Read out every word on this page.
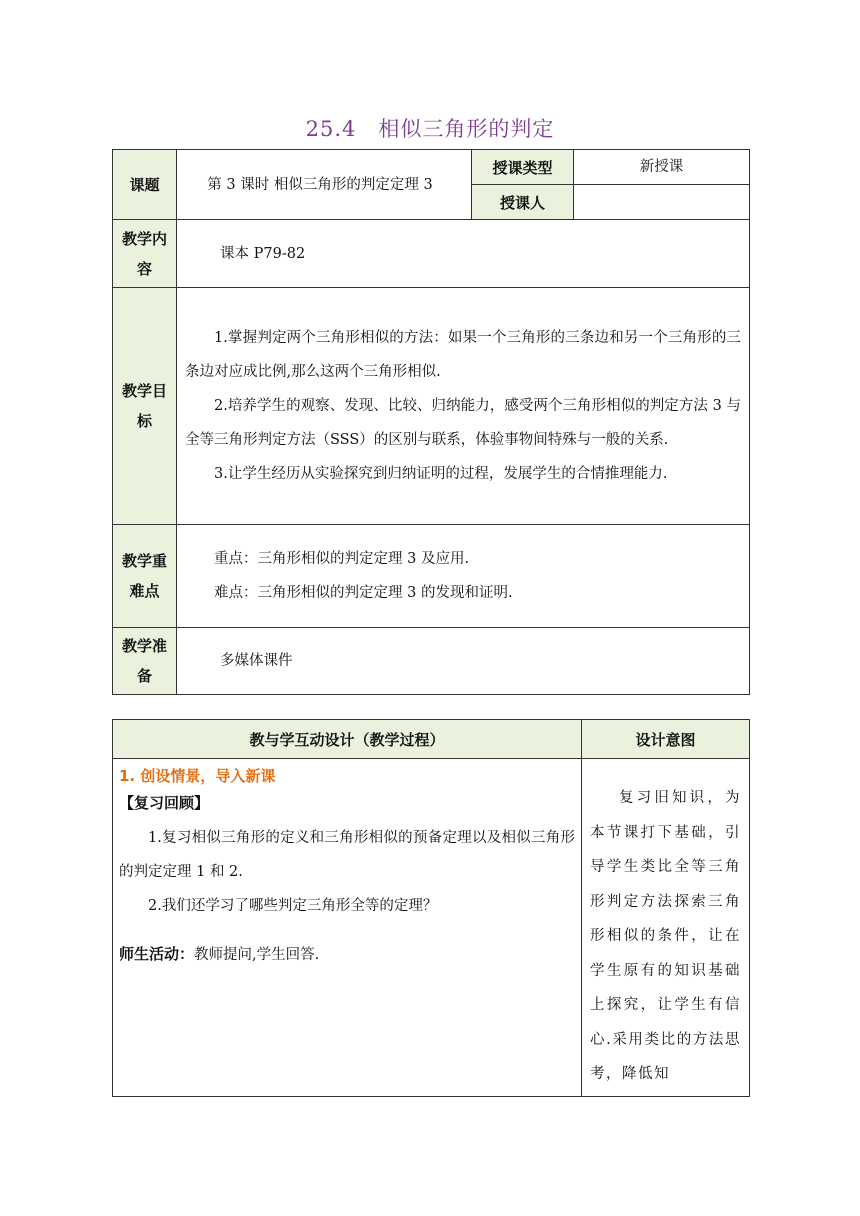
25.4　相似三角形的判定
课题	第 3 课时 相似三角形的判定定理 3	授课类型	新授课
		授课人	
教学内容	课本 P79-82		
教学目标	1.掌握判定两个三角形相似的方法：如果一个三角形的三条边和另一个三角形的三条边对应成比例,那么这两个三角形相似.

2.培养学生的观察、发现、比较、归纳能力，感受两个三角形相似的判定方法 3 与全等三角形判定方法（SSS）的区别与联系，体验事物间特殊与一般的关系.

3.让学生经历从实验探究到归纳证明的过程，发展学生的合情推理能力.		

教学重难点	重点：三角形相似的判定定理 3 及应用.

难点：三角形相似的判定定理 3 的发现和证明.		

教学准备	多媒体课件		
教与学互动设计（教学过程）	设计意图

1. 创设情景，导入新课
【复习回顾】

1.复习相似三角形的定义和三角形相似的预备定理以及相似三角形的判定定理 1 和 2.

2.我们还学习了哪些判定三角形全等的定理？

师生活动：教师提问,学生回答.	复习旧知识，为本节课打下基础，引导学生类比全等三角形判定方法探索三角形相似的条件，让在学生原有的知识基础上探究，让学生有信心.采用类比的方法思考，降低知
